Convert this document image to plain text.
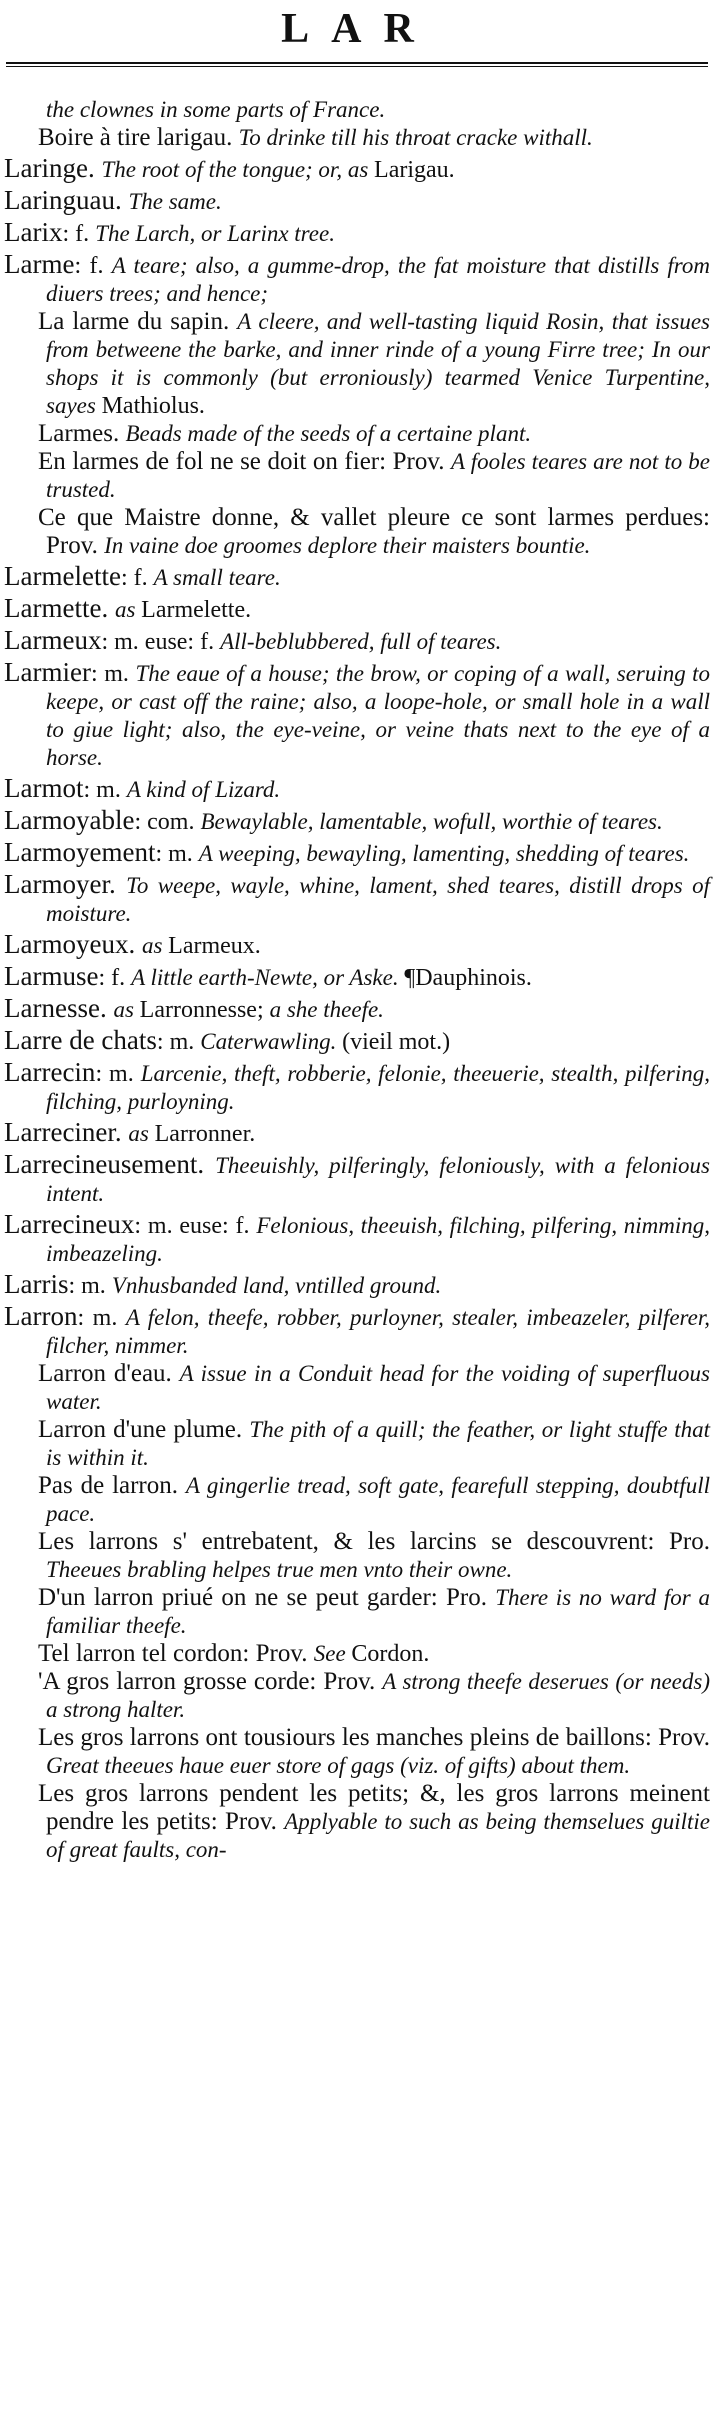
LAR
the clownes in some parts of France.
Boire à tire larigau. To drinke till his throat cracke withall.
Laringe. The root of the tongue; or, as Larigau.
Laringuau. The same.
Larix: f. The Larch, or Larinx tree.
Larme: f. A teare; also, a gumme-drop, the fat moisture that distills from diuers trees; and hence;
La larme du sapin. A cleere, and well-tasting liquid Rosin, that issues from betweene the barke, and inner rinde of a young Firre tree; In our shops it is commonly (but erroniously) tearmed Venice Turpentine, sayes Mathiolus.
Larmes. Beads made of the seeds of a certaine plant.
En larmes de fol ne se doit on fier: Prov. A fooles teares are not to be trusted.
Ce que Maistre donne, & vallet pleure ce sont larmes perdues: Prov. In vaine doe groomes deplore their maisters bountie.
Larmelette: f. A small teare.
Larmette. as Larmelette.
Larmeux: m. euse: f. All-beblubbered, full of teares.
Larmier: m. The eaue of a house; the brow, or coping of a wall, seruing to keepe, or cast off the raine; also, a loope-hole, or small hole in a wall to giue light; also, the eye-veine, or veine thats next to the eye of a horse.
Larmot: m. A kind of Lizard.
Larmoyable: com. Bewaylable, lamentable, wofull, worthie of teares.
Larmoyement: m. A weeping, bewayling, lamenting, shedding of teares.
Larmoyer. To weepe, wayle, whine, lament, shed teares, distill drops of moisture.
Larmoyeux. as Larmeux.
Larmuse: f. A little earth-Newte, or Aske. ¶Dauphinois.
Larnesse. as Larronnesse; a she theefe.
Larre de chats: m. Caterwawling. (vieil mot.)
Larrecin: m. Larcenie, theft, robberie, felonie, theeuerie, stealth, pilfering, filching, purloyning.
Larreciner. as Larronner.
Larrecineusement. Theeuishly, pilferingly, feloniously, with a felonious intent.
Larrecineux: m. euse: f. Felonious, theeuish, filching, pilfering, nimming, imbeazeling.
Larris: m. Vnhusbanded land, vntilled ground.
Larron: m. A felon, theefe, robber, purloyner, stealer, imbeazeler, pilferer, filcher, nimmer.
Larron d'eau. A issue in a Conduit head for the voiding of superfluous water.
Larron d'une plume. The pith of a quill; the feather, or light stuffe that is within it.
Pas de larron. A gingerlie tread, soft gate, fearefull stepping, doubtfull pace.
Les larrons s' entrebatent, & les larcins se descouvrent: Pro. Theeues brabling helpes true men vnto their owne.
D'un larron priué on ne se peut garder: Pro. There is no ward for a familiar theefe.
Tel larron tel cordon: Prov. See Cordon.
'A gros larron grosse corde: Prov. A strong theefe deserues (or needs) a strong halter.
Les gros larrons ont tousiours les manches pleins de baillons: Prov. Great theeues haue euer store of gags (viz. of gifts) about them.
Les gros larrons pendent les petits; &, les gros larrons meinent pendre les petits: Prov. Applyable to such as being themselues guiltie of great faults, con-
